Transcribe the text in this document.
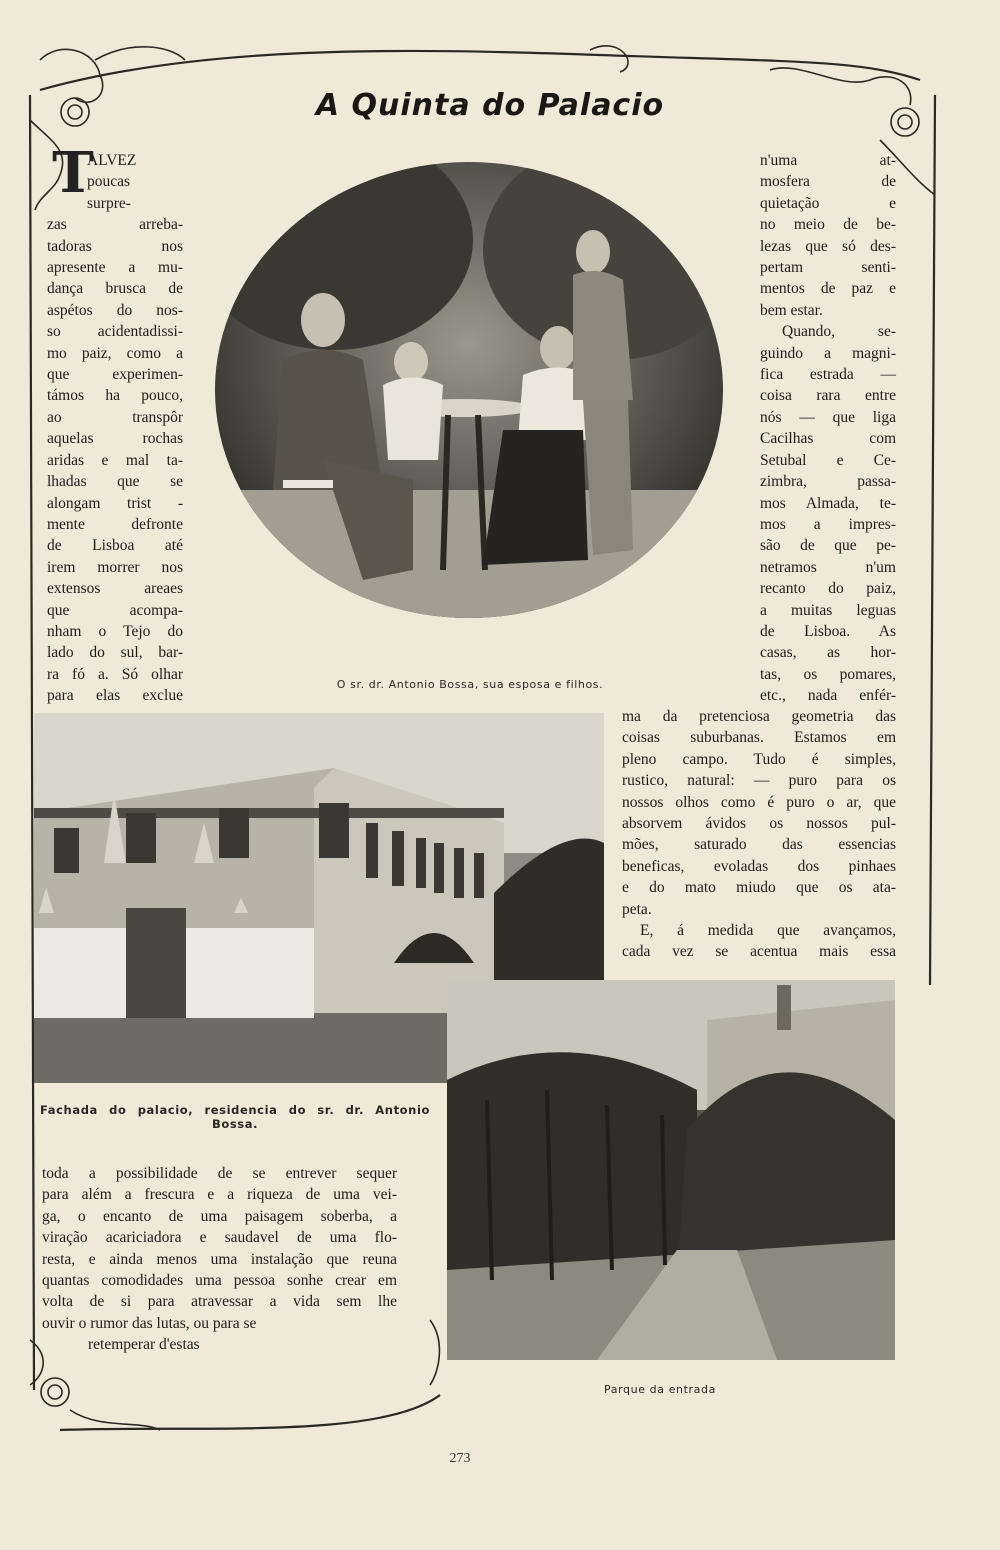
A Quinta do Palacio
T
ALVEZ
poucas
surpre-
zas arreba-
tadoras nos
apresente a mu-
dança brusca de
aspétos do nos-
so acidentadissi-
mo paiz, como a
que experimen-
támos ha pouco,
ao transpôr
aquelas rochas
aridas e mal ta-
lhadas que se
alongam trist -
mente defronte
de Lisboa até
irem morrer nos
extensos areaes
que acompa-
nham o Tejo do
lado do sul, bar-
ra fó a. Só olhar
para elas exclue
n'uma at-
mosfera de
quietação e
no meio de be-
lezas que só des-
pertam senti-
mentos de paz e
bem estar.
Quando, se-
guindo a magni-
fica estrada —
coisa rara entre
nós — que liga
Cacilhas com
Setubal e Ce-
zimbra, passa-
mos Almada, te-
mos a impres-
são de que pe-
netramos n'um
recanto do paiz,
a muitas leguas
de Lisboa. As
casas, as hor-
tas, os pomares,
etc., nada enfér-
ma da pretenciosa geometria das
coisas suburbanas. Estamos em
pleno campo. Tudo é simples,
rustico, natural: — puro para os
nossos olhos como é puro o ar, que
absorvem ávidos os nossos pul-
mões, saturado das essencias
beneficas, evoladas dos pinhaes
e do mato miudo que os ata-
peta.
E, á medida que avançamos,
cada vez se acentua mais essa
toda a possibilidade de se entrever sequer
para além a frescura e a riqueza de uma vei-
ga, o encanto de uma paisagem soberba, a
viração acariciadora e saudavel de uma flo-
resta, e ainda menos uma instalação que reuna
quantas comodidades uma pessoa sonhe crear em
volta de si para atravessar a vida sem lhe
ouvir o rumor das lutas, ou para se
retemperar d'estas
O sr. dr. Antonio Bossa, sua esposa e filhos.
Fachada do palacio, residencia do sr. dr. Antonio
Bossa.
Parque da entrada
273
